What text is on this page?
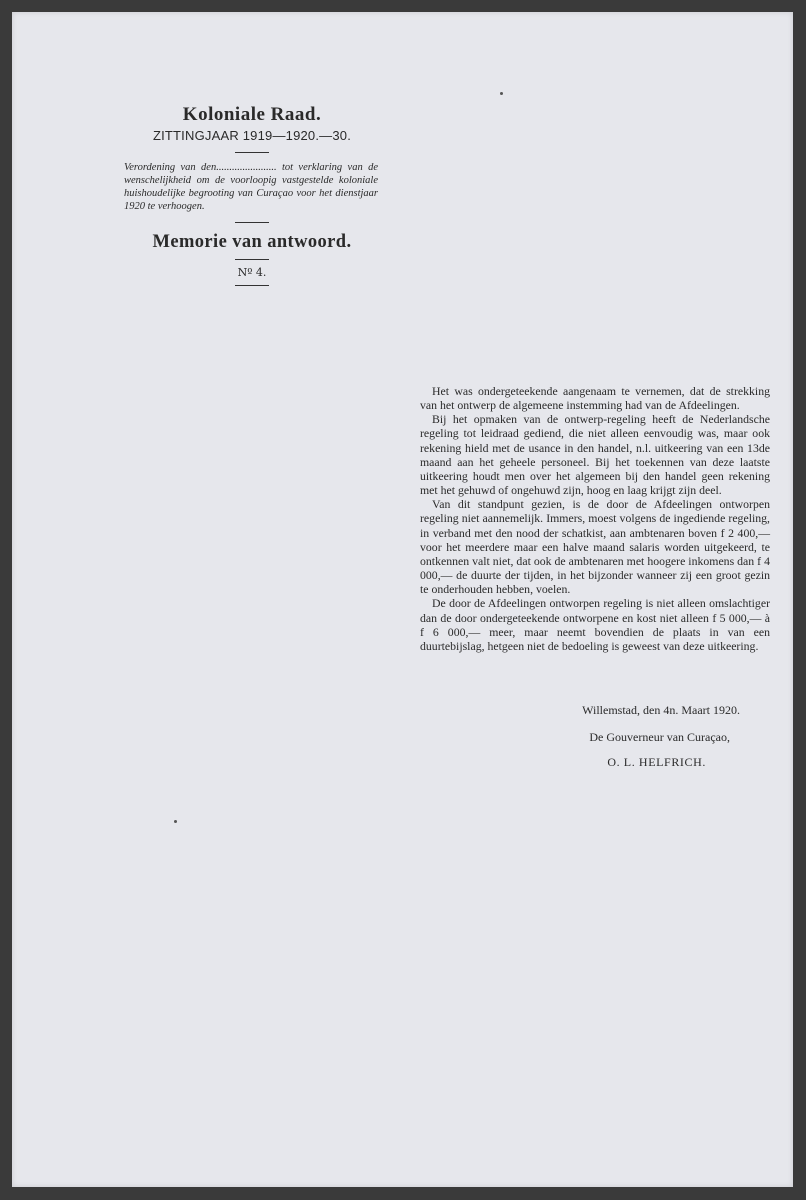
Koloniale Raad.
ZITTINGJAAR 1919—1920.—30.

Verordening van den....................... tot verklaring van de wenschelijkheid om de voorloopig vastgestelde koloniale huishoudelijke begrooting van Curaçao voor het dienstjaar 1920 te verhoogen.

Memorie van antwoord.
Nº 4.

Het was ondergeteekende aangenaam te vernemen, dat de strekking van het ontwerp de algemeene instemming had van de Afdeelingen.

Bij het opmaken van de ontwerp-regeling heeft de Nederlandsche regeling tot leidraad gediend, die niet alleen eenvoudig was, maar ook rekening hield met de usance in den handel, n.l. uitkeering van een 13de maand aan het geheele personeel. Bij het toekennen van deze laatste uitkeering houdt men over het algemeen bij den handel geen rekening met het gehuwd of ongehuwd zijn, hoog en laag krijgt zijn deel.

Van dit standpunt gezien, is de door de Afdeelingen ontworpen regeling niet aannemelijk. Immers, moest volgens de ingediende regeling, in verband met den nood der schatkist, aan ambtenaren boven f 2 400,— voor het meerdere maar een halve maand salaris worden uitgekeerd, te ontkennen valt niet, dat ook de ambtenaren met hoogere inkomens dan f 4 000,— de duurte der tijden, in het bijzonder wanneer zij een groot gezin te onderhouden hebben, voelen.

De door de Afdeelingen ontworpen regeling is niet alleen omslachtiger dan de door ondergeteekende ontworpene en kost niet alleen f 5 000,— à f 6 000,— meer, maar neemt bovendien de plaats in van een duurtebijslag, hetgeen niet de bedoeling is geweest van deze uitkeering.

Willemstad, den 4n. Maart 1920.
De Gouverneur van Curaçao,
O. L. HELFRICH.
